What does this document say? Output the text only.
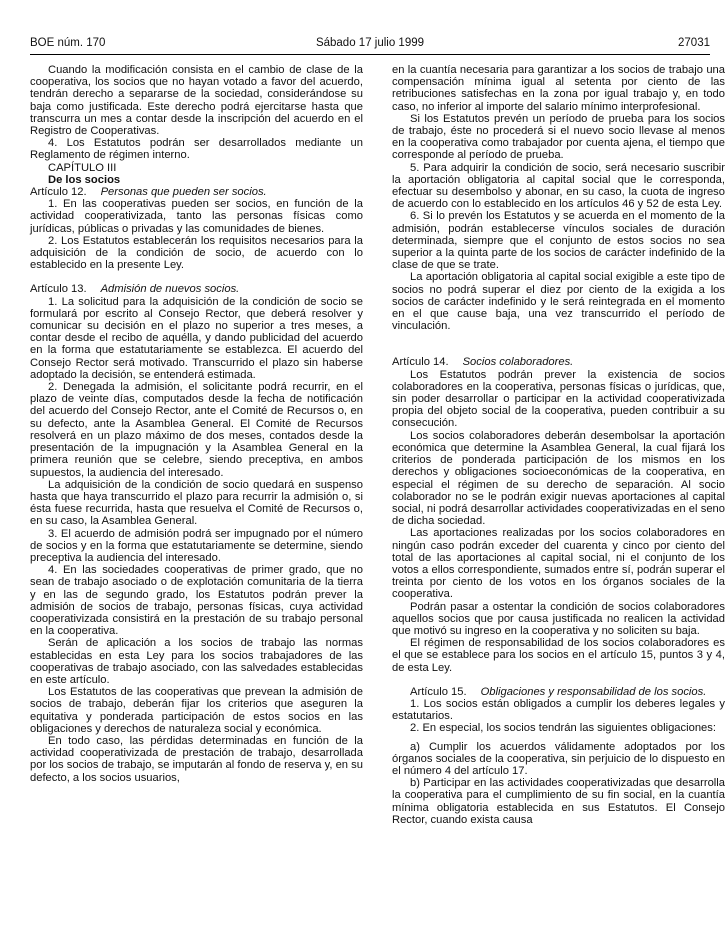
BOE núm. 170	Sábado 17 julio 1999	27031

Cuando la modificación consista en el cambio de clase de la cooperativa, los socios que no hayan votado a favor del acuerdo, tendrán derecho a separarse de la sociedad, considerándose su baja como justificada. Este derecho podrá ejercitarse hasta que transcurra un mes a contar desde la inscripción del acuerdo en el Registro de Cooperativas.

4. Los Estatutos podrán ser desarrollados mediante un Reglamento de régimen interno.

CAPÍTULO III

De los socios

Artículo 12. Personas que pueden ser socios.

1. En las cooperativas pueden ser socios, en función de la actividad cooperativizada, tanto las personas físicas como jurídicas, públicas o privadas y las comunidades de bienes.

2. Los Estatutos establecerán los requisitos necesarios para la adquisición de la condición de socio, de acuerdo con lo establecido en la presente Ley.

Artículo 13. Admisión de nuevos socios.

1. La solicitud para la adquisición de la condición de socio se formulará por escrito al Consejo Rector, que deberá resolver y comunicar su decisión en el plazo no superior a tres meses, a contar desde el recibo de aquélla, y dando publicidad del acuerdo en la forma que estatutariamente se establezca. El acuerdo del Consejo Rector será motivado. Transcurrido el plazo sin haberse adoptado la decisión, se entenderá estimada.

2. Denegada la admisión, el solicitante podrá recurrir, en el plazo de veinte días, computados desde la fecha de notificación del acuerdo del Consejo Rector, ante el Comité de Recursos o, en su defecto, ante la Asamblea General. El Comité de Recursos resolverá en un plazo máximo de dos meses, contados desde la presentación de la impugnación y la Asamblea General en la primera reunión que se celebre, siendo preceptiva, en ambos supuestos, la audiencia del interesado.

La adquisición de la condición de socio quedará en suspenso hasta que haya transcurrido el plazo para recurrir la admisión o, si ésta fuese recurrida, hasta que resuelva el Comité de Recursos o, en su caso, la Asamblea General.

3. El acuerdo de admisión podrá ser impugnado por el número de socios y en la forma que estatutariamente se determine, siendo preceptiva la audiencia del interesado.

4. En las sociedades cooperativas de primer grado, que no sean de trabajo asociado o de explotación comunitaria de la tierra y en las de segundo grado, los Estatutos podrán prever la admisión de socios de trabajo, personas físicas, cuya actividad cooperativizada consistirá en la prestación de su trabajo personal en la cooperativa.

Serán de aplicación a los socios de trabajo las normas establecidas en esta Ley para los socios trabajadores de las cooperativas de trabajo asociado, con las salvedades establecidas en este artículo.

Los Estatutos de las cooperativas que prevean la admisión de socios de trabajo, deberán fijar los criterios que aseguren la equitativa y ponderada participación de estos socios en las obligaciones y derechos de naturaleza social y económica.

En todo caso, las pérdidas determinadas en función de la actividad cooperativizada de prestación de trabajo, desarrollada por los socios de trabajo, se imputarán al fondo de reserva y, en su defecto, a los socios usuarios,

en la cuantía necesaria para garantizar a los socios de trabajo una compensación mínima igual al setenta por ciento de las retribuciones satisfechas en la zona por igual trabajo y, en todo caso, no inferior al importe del salario mínimo interprofesional.

Si los Estatutos prevén un período de prueba para los socios de trabajo, éste no procederá si el nuevo socio llevase al menos en la cooperativa como trabajador por cuenta ajena, el tiempo que corresponde al período de prueba.

5. Para adquirir la condición de socio, será necesario suscribir la aportación obligatoria al capital social que le corresponda, efectuar su desembolso y abonar, en su caso, la cuota de ingreso de acuerdo con lo establecido en los artículos 46 y 52 de esta Ley.

6. Si lo prevén los Estatutos y se acuerda en el momento de la admisión, podrán establecerse vínculos sociales de duración determinada, siempre que el conjunto de estos socios no sea superior a la quinta parte de los socios de carácter indefinido de la clase de que se trate.

La aportación obligatoria al capital social exigible a este tipo de socios no podrá superar el diez por ciento de la exigida a los socios de carácter indefinido y le será reintegrada en el momento en el que cause baja, una vez transcurrido el período de vinculación.

Artículo 14. Socios colaboradores.

Los Estatutos podrán prever la existencia de socios colaboradores en la cooperativa, personas físicas o jurídicas, que, sin poder desarrollar o participar en la actividad cooperativizada propia del objeto social de la cooperativa, pueden contribuir a su consecución.

Los socios colaboradores deberán desembolsar la aportación económica que determine la Asamblea General, la cual fijará los criterios de ponderada participación de los mismos en los derechos y obligaciones socioeconómicas de la cooperativa, en especial el régimen de su derecho de separación. Al socio colaborador no se le podrán exigir nuevas aportaciones al capital social, ni podrá desarrollar actividades cooperativizadas en el seno de dicha sociedad.

Las aportaciones realizadas por los socios colaboradores en ningún caso podrán exceder del cuarenta y cinco por ciento del total de las aportaciones al capital social, ni el conjunto de los votos a ellos correspondiente, sumados entre sí, podrán superar el treinta por ciento de los votos en los órganos sociales de la cooperativa.

Podrán pasar a ostentar la condición de socios colaboradores aquellos socios que por causa justificada no realicen la actividad que motivó su ingreso en la cooperativa y no soliciten su baja.

El régimen de responsabilidad de los socios colaboradores es el que se establece para los socios en el artículo 15, puntos 3 y 4, de esta Ley.

Artículo 15. Obligaciones y responsabilidad de los socios.

1. Los socios están obligados a cumplir los deberes legales y estatutarios.

2. En especial, los socios tendrán las siguientes obligaciones:

a) Cumplir los acuerdos válidamente adoptados por los órganos sociales de la cooperativa, sin perjuicio de lo dispuesto en el número 4 del artículo 17.

b) Participar en las actividades cooperativizadas que desarrolla la cooperativa para el cumplimiento de su fin social, en la cuantía mínima obligatoria establecida en sus Estatutos. El Consejo Rector, cuando exista causa
